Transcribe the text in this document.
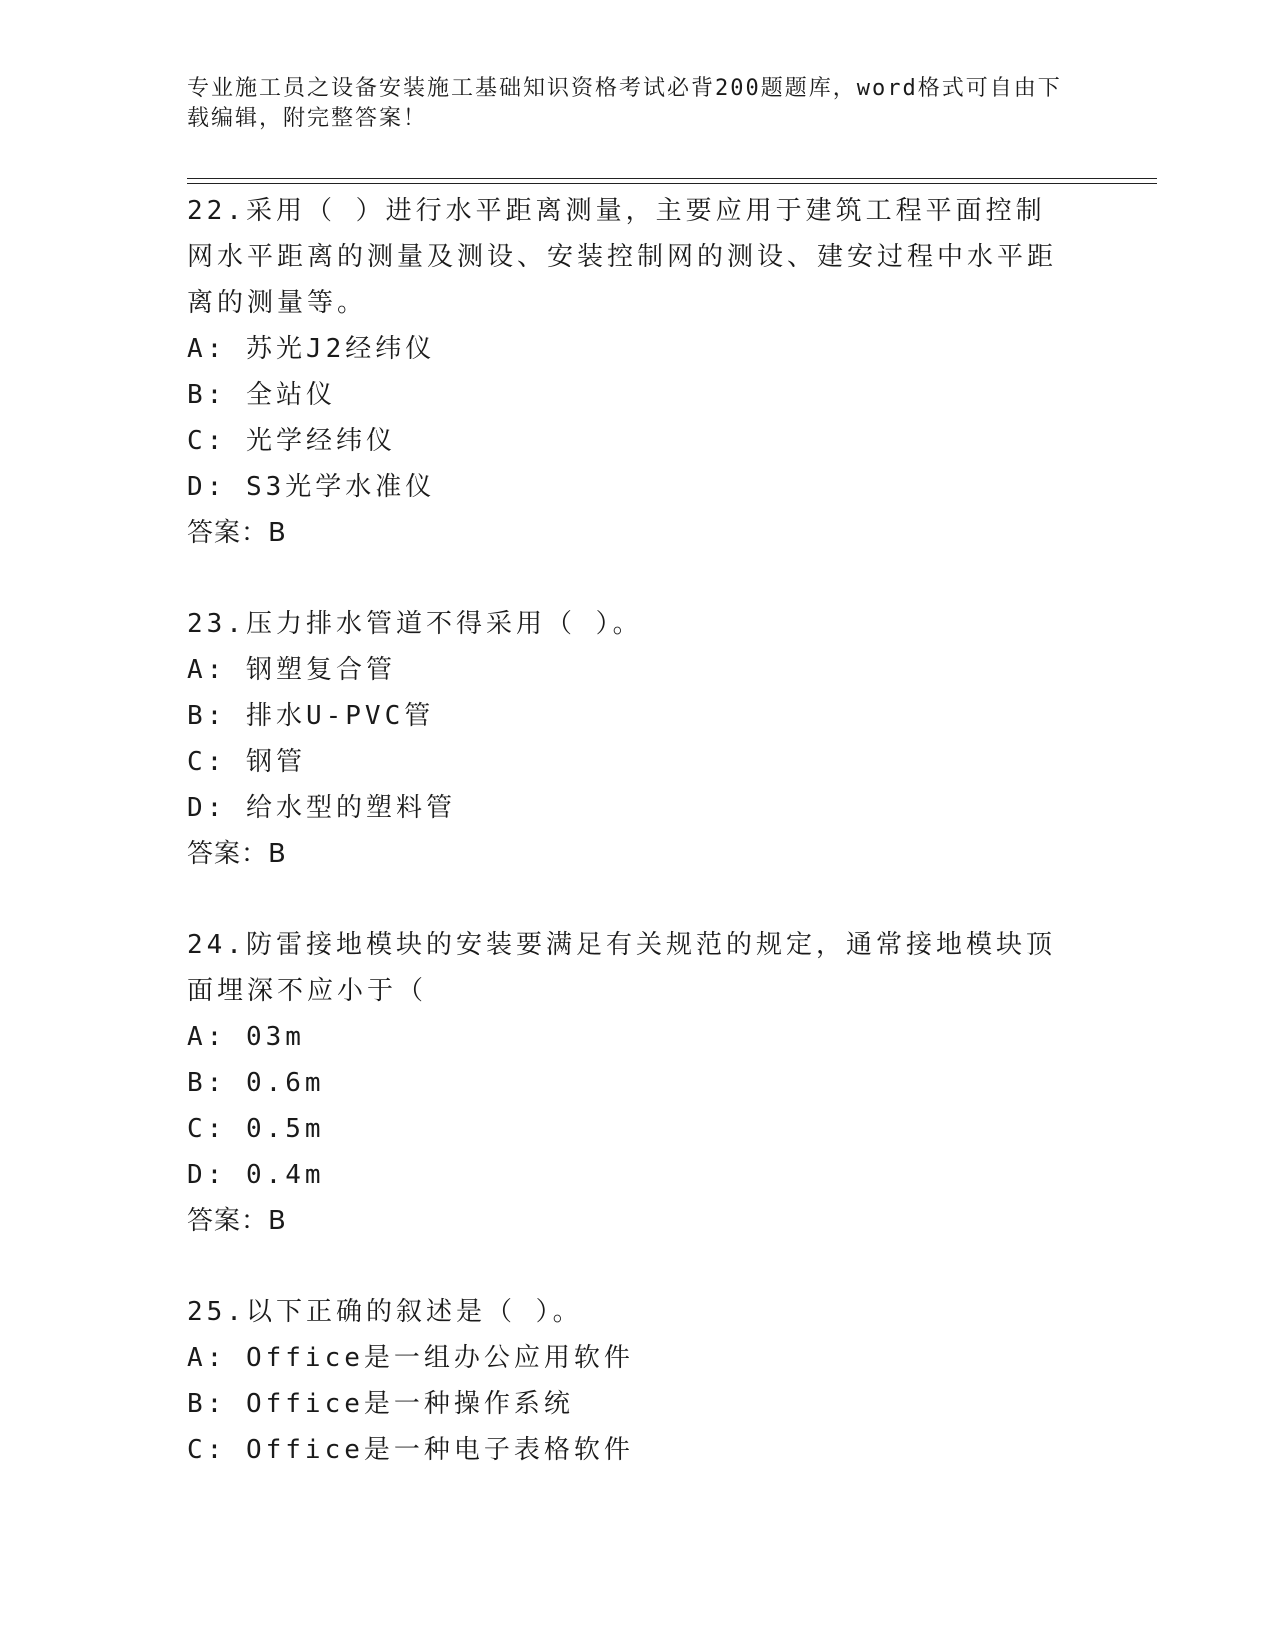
专业施工员之设备安装施工基础知识资格考试必背200题题库，word格式可自由下载编辑，附完整答案！
22.采用（ ）进行水平距离测量，主要应用于建筑工程平面控制网水平距离的测量及测设、安装控制网的测设、建安过程中水平距离的测量等。
A: 苏光J2经纬仪
B: 全站仪
C: 光学经纬仪
D: S3光学水准仪
答案：B
23.压力排水管道不得采用（ ）。
A: 钢塑复合管
B: 排水U-PVC管
C: 钢管
D: 给水型的塑料管
答案：B
24.防雷接地模块的安装要满足有关规范的规定，通常接地模块顶面埋深不应小于（
A: 03m
B: 0.6m
C: 0.5m
D: 0.4m
答案：B
25.以下正确的叙述是（ ）。
A: Office是一组办公应用软件
B: Office是一种操作系统
C: Office是一种电子表格软件
